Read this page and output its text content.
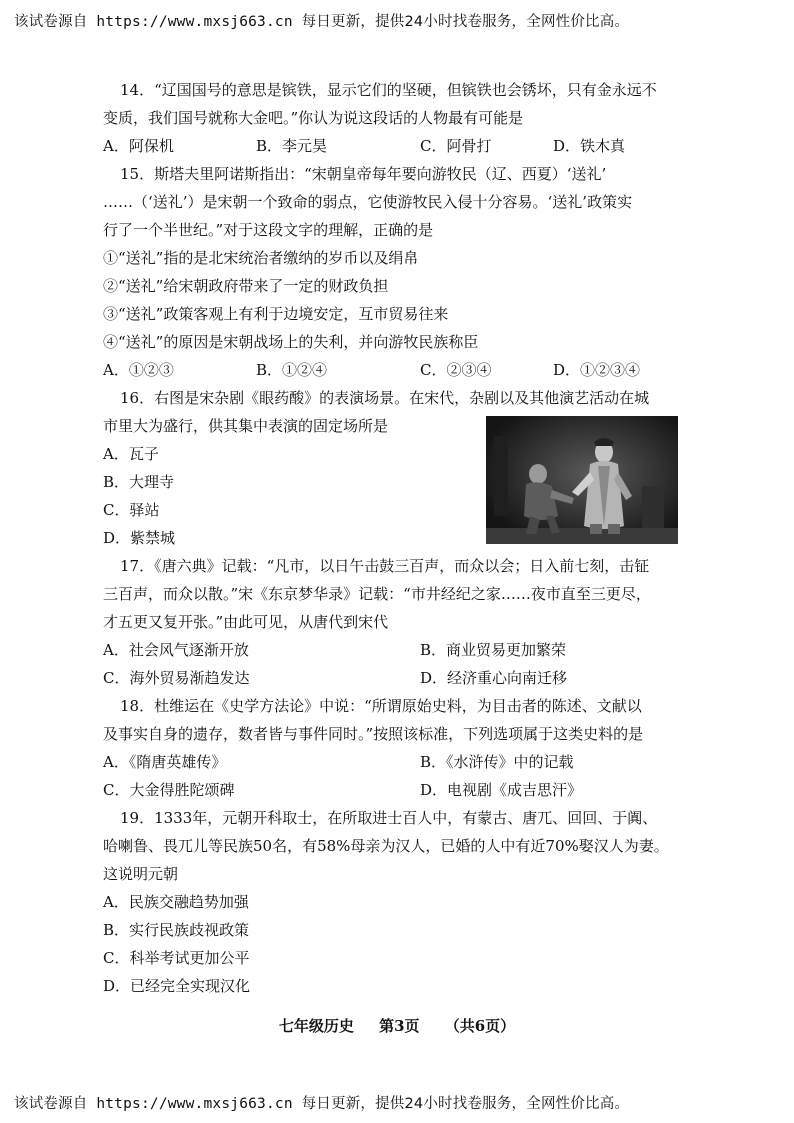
该试卷源自 https://www.mxsj663.cn 每日更新，提供24小时找卷服务，全网性价比高。
14．“辽国国号的意思是镔铁，显示它们的坚硬，但镔铁也会锈坏，只有金永远不
变质，我们国号就称大金吧。”你认为说这段话的人物最有可能是
A．阿保机	B．李元昊	C．阿骨打	D．铁木真
15．斯塔夫里阿诺斯指出：“宋朝皇帝每年要向游牧民（辽、西夏）‘送礼’
……（‘送礼’）是宋朝一个致命的弱点，它使游牧民入侵十分容易。‘送礼’政策实
行了一个半世纪。”对于这段文字的理解，正确的是
①“送礼”指的是北宋统治者缴纳的岁币以及绢帛
②“送礼”给宋朝政府带来了一定的财政负担
③“送礼”政策客观上有利于边境安定，互市贸易往来
④“送礼”的原因是宋朝战场上的失利，并向游牧民族称臣
A．①②③	B．①②④	C．②③④	D．①②③④
16．右图是宋杂剧《眼药酸》的表演场景。在宋代，杂剧以及其他演艺活动在城
市里大为盛行，供其集中表演的固定场所是
A．瓦子
B．大理寺
C．驿站
D．紫禁城
17．《唐六典》记载：“凡市，以日午击鼓三百声，而众以会；日入前七刻，击钲
三百声，而众以散。”宋《东京梦华录》记载：“市井经纪之家……夜市直至三更尽，
才五更又复开张。”由此可见，从唐代到宋代
A．社会风气逐渐开放	B．商业贸易更加繁荣
C．海外贸易渐趋发达	D．经济重心向南迁移
18．杜维运在《史学方法论》中说：“所谓原始史料，为目击者的陈述、文献以
及事实自身的遗存，数者皆与事件同时。”按照该标准，下列选项属于这类史料的是
A．《隋唐英雄传》	B．《水浒传》中的记载
C．大金得胜陀颂碑	D．电视剧《成吉思汗》
19．1333年，元朝开科取士，在所取进士百人中，有蒙古、唐兀、回回、于阗、
哈喇鲁、畏兀儿等民族50名，有58%母亲为汉人，已婚的人中有近70%娶汉人为妻。
这说明元朝
A．民族交融趋势加强
B．实行民族歧视政策
C．科举考试更加公平
D．已经完全实现汉化
七年级历史 第3页 （共6页）
该试卷源自 https://www.mxsj663.cn 每日更新，提供24小时找卷服务，全网性价比高。
